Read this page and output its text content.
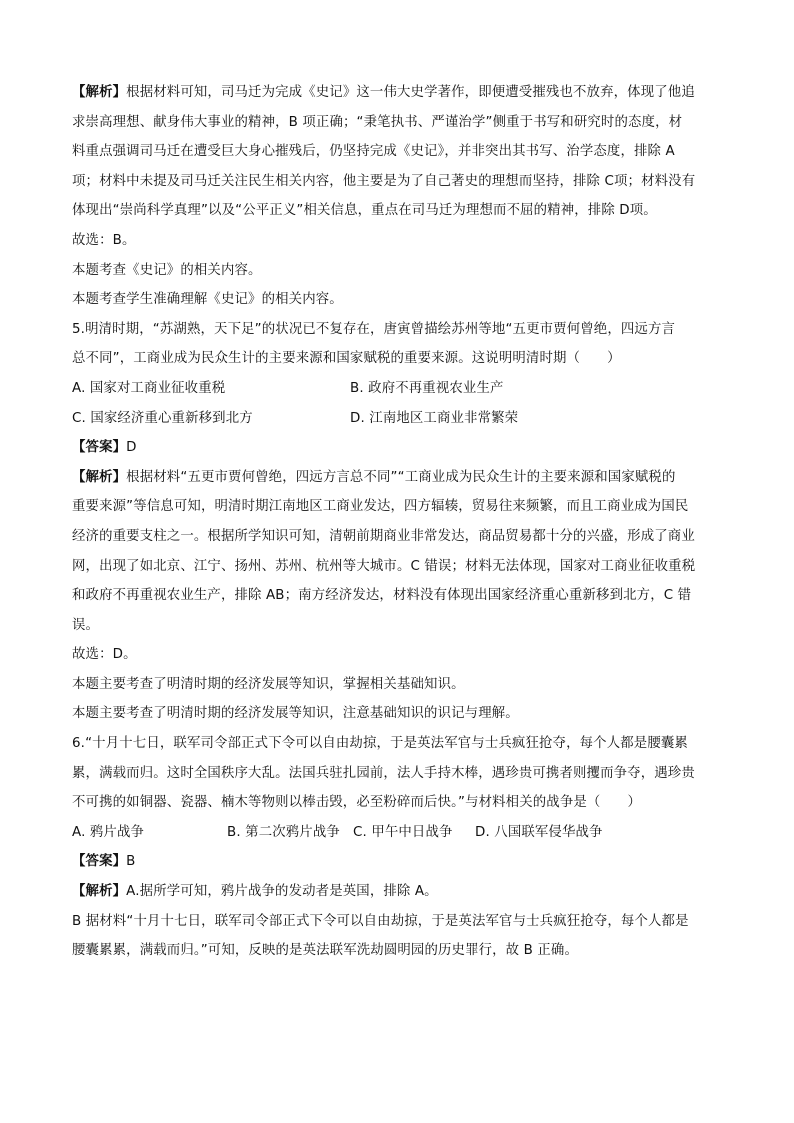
【解析】根据材料可知，司马迁为完成《史记》这一伟大史学著作，即便遭受摧残也不放弃，体现了他追
求崇高理想、献身伟大事业的精神，B 项正确；“秉笔执书、严谨治学”侧重于书写和研究时的态度，材
料重点强调司马迁在遭受巨大身心摧残后，仍坚持完成《史记》，并非突出其书写、治学态度，排除 A
项；材料中未提及司马迁关注民生相关内容，他主要是为了自己著史的理想而坚持，排除 C项；材料没有
体现出“崇尚科学真理”以及“公平正义”相关信息，重点在司马迁为理想而不屈的精神，排除 D项。
故选：B。
本题考查《史记》的相关内容。
本题考查学生准确理解《史记》的相关内容。
5.明清时期，“苏湖熟，天下足”的状况已不复存在，唐寅曾描绘苏州等地“五更市贾何曾绝，四远方言
总不同”，工商业成为民众生计的主要来源和国家赋税的重要来源。这说明明清时期（　　）
A. 国家对工商业征收重税	B. 政府不再重视农业生产
C. 国家经济重心重新移到北方	D. 江南地区工商业非常繁荣
【答案】D
【解析】根据材料“五更市贾何曾绝，四远方言总不同”“工商业成为民众生计的主要来源和国家赋税的
重要来源”等信息可知，明清时期江南地区工商业发达，四方辐辏，贸易往来频繁，而且工商业成为国民
经济的重要支柱之一。根据所学知识可知，清朝前期商业非常发达，商品贸易都十分的兴盛，形成了商业
网，出现了如北京、江宁、扬州、苏州、杭州等大城市。C 错误；材料无法体现，国家对工商业征收重税
和政府不再重视农业生产，排除 AB；南方经济发达，材料没有体现出国家经济重心重新移到北方，C 错
误。
故选：D。
本题主要考查了明清时期的经济发展等知识，掌握相关基础知识。
本题主要考查了明清时期的经济发展等知识，注意基础知识的识记与理解。
6.“十月十七日，联军司令部正式下令可以自由劫掠，于是英法军官与士兵疯狂抢夺，每个人都是腰囊累
累，满载而归。这时全国秩序大乱。法国兵驻扎园前，法人手持木棒，遇珍贵可携者则攫而争夺，遇珍贵
不可携的如铜器、瓷器、楠木等物则以棒击毁，必至粉碎而后快。”与材料相关的战争是（　　）
A. 鸦片战争	B. 第二次鸦片战争 C. 甲午中日战争	D. 八国联军侵华战争
【答案】B
【解析】A.据所学可知，鸦片战争的发动者是英国，排除 A。
B 据材料“十月十七日，联军司令部正式下令可以自由劫掠，于是英法军官与士兵疯狂抢夺，每个人都是
腰囊累累，满载而归。”可知，反映的是英法联军洗劫圆明园的历史罪行，故 B 正确。
